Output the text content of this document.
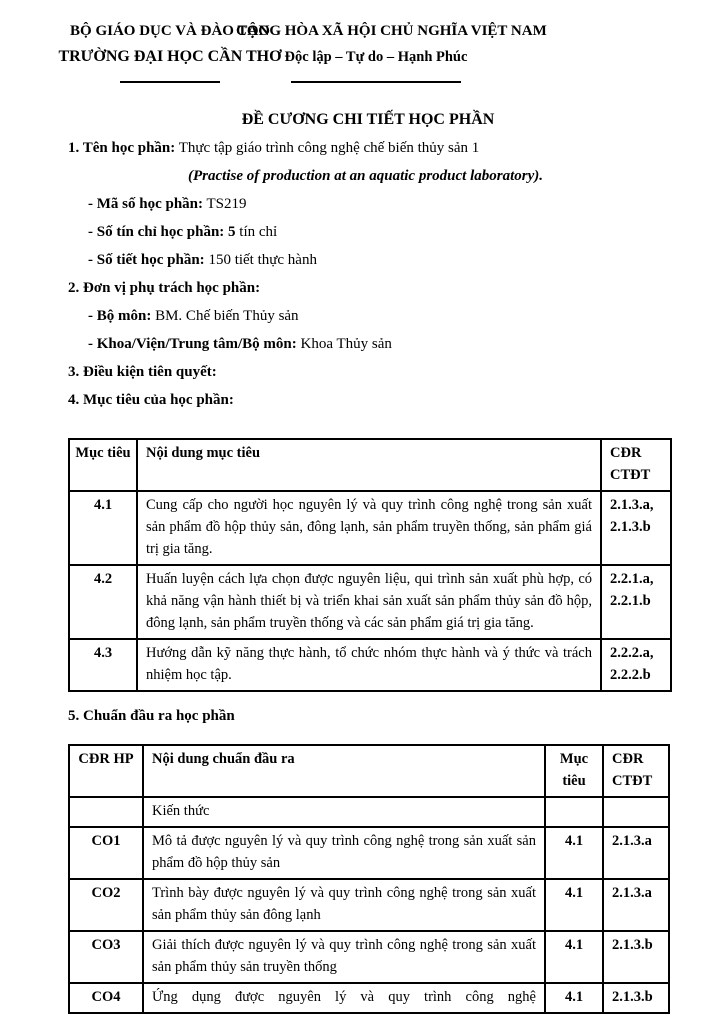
BỘ GIÁO DỤC VÀ ĐÀO TẠO
TRƯỜNG ĐẠI HỌC CẦN THƠ
CỘNG HÒA XÃ HỘI CHỦ NGHĨA VIỆT NAM
Độc lập – Tự do – Hạnh Phúc
ĐỀ CƯƠNG CHI TIẾT HỌC PHẦN
1. Tên học phần: Thực tập giáo trình công nghệ chế biến thủy sản 1
(Practise of production at an aquatic product laboratory).
- Mã số học phần: TS219
- Số tín chỉ học phần: 5 tín chỉ
- Số tiết học phần: 150 tiết thực hành
2. Đơn vị phụ trách học phần:
- Bộ môn: BM. Chế biến Thủy sản
- Khoa/Viện/Trung tâm/Bộ môn: Khoa Thủy sản
3. Điều kiện tiên quyết:
4. Mục tiêu của học phần:
Mục tiêu	Nội dung mục tiêu	CĐR CTĐT
4.1	Cung cấp cho người học nguyên lý và quy trình công nghệ trong sản xuất sản phẩm đồ hộp thủy sản, đông lạnh, sản phẩm truyền thống, sản phẩm giá trị gia tăng.	2.1.3.a, 2.1.3.b
4.2	Huấn luyện cách lựa chọn được nguyên liệu, qui trình sản xuất phù hợp, có khả năng vận hành thiết bị và triển khai sản xuất sản phẩm thủy sản đồ hộp, đông lạnh, sản phẩm truyền thống và các sản phẩm giá trị gia tăng.	2.2.1.a, 2.2.1.b
4.3	Hướng dẫn kỹ năng thực hành, tổ chức nhóm thực hành và ý thức và trách nhiệm học tập.	2.2.2.a, 2.2.2.b
5. Chuẩn đầu ra học phần
CĐR HP	Nội dung chuẩn đầu ra	Mục tiêu	CĐR CTĐT
	Kiến thức		
CO1	Mô tả được nguyên lý và quy trình công nghệ trong sản xuất sản phẩm đồ hộp thủy sản	4.1	2.1.3.a
CO2	Trình bày được nguyên lý và quy trình công nghệ trong sản xuất sản phẩm thủy sản đông lạnh	4.1	2.1.3.a
CO3	Giải thích được nguyên lý và quy trình công nghệ trong sản xuất sản phẩm thủy sản truyền thống	4.1	2.1.3.b
CO4	Ứng dụng được nguyên lý và quy trình công nghệ	4.1	2.1.3.b
